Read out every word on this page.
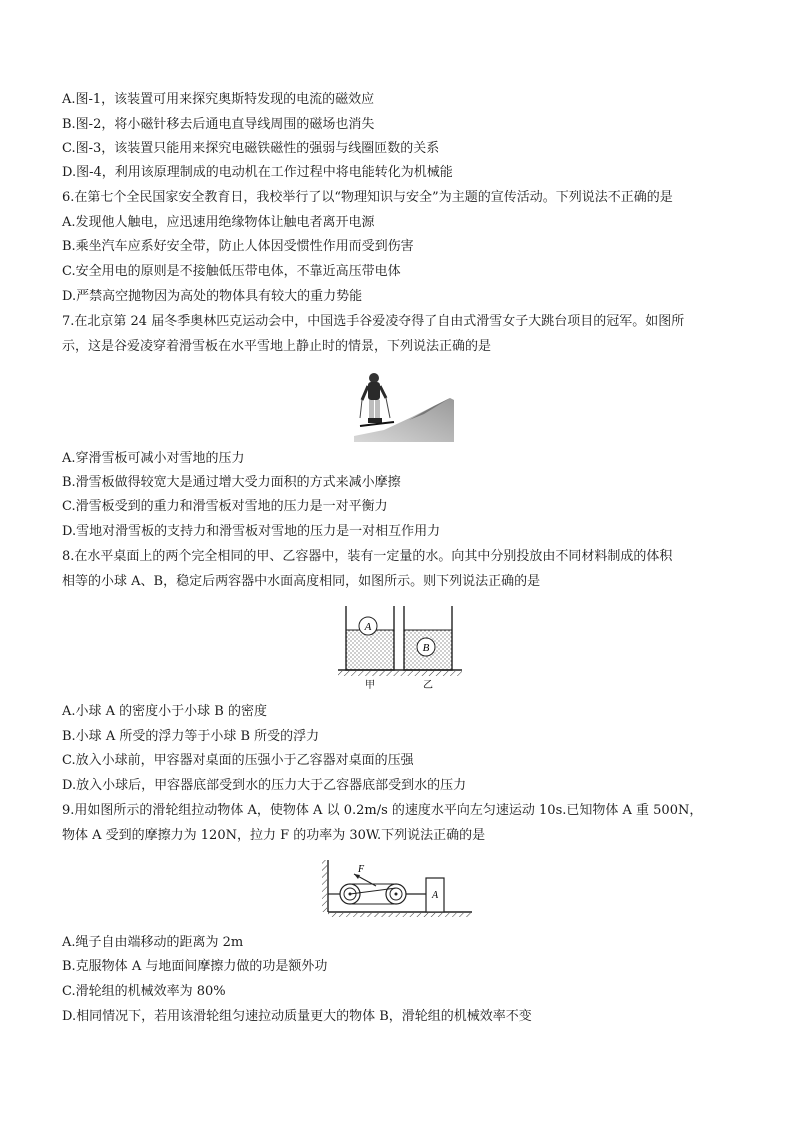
A.图-1，该装置可用来探究奥斯特发现的电流的磁效应
B.图-2，将小磁针移去后通电直导线周围的磁场也消失
C.图-3，该装置只能用来探究电磁铁磁性的强弱与线圈匝数的关系
D.图-4，利用该原理制成的电动机在工作过程中将电能转化为机械能
6.在第七个全民国家安全教育日，我校举行了以“物理知识与安全”为主题的宣传活动。下列说法不正确的是
A.发现他人触电，应迅速用绝缘物体让触电者离开电源
B.乘坐汽车应系好安全带，防止人体因受惯性作用而受到伤害
C.安全用电的原则是不接触低压带电体，不靠近高压带电体
D.严禁高空抛物因为高处的物体具有较大的重力势能
7.在北京第 24 届冬季奥林匹克运动会中，中国选手谷爱凌夺得了自由式滑雪女子大跳台项目的冠军。如图所
示，这是谷爱凌穿着滑雪板在水平雪地上静止时的情景，下列说法正确的是
A.穿滑雪板可减小对雪地的压力
B.滑雪板做得较宽大是通过增大受力面积的方式来减小摩擦
C.滑雪板受到的重力和滑雪板对雪地的压力是一对平衡力
D.雪地对滑雪板的支持力和滑雪板对雪地的压力是一对相互作用力
8.在水平桌面上的两个完全相同的甲、乙容器中，装有一定量的水。向其中分别投放由不同材料制成的体积
相等的小球 A、B，稳定后两容器中水面高度相同，如图所示。则下列说法正确的是
A
B
甲	乙
A.小球 A 的密度小于小球 B 的密度
B.小球 A 所受的浮力等于小球 B 所受的浮力
C.放入小球前，甲容器对桌面的压强小于乙容器对桌面的压强
D.放入小球后，甲容器底部受到水的压力大于乙容器底部受到水的压力
9.用如图所示的滑轮组拉动物体 A，使物体 A 以 0.2m/s 的速度水平向左匀速运动 10s.已知物体 A 重 500N，
物体 A 受到的摩擦力为 120N，拉力 F 的功率为 30W.下列说法正确的是
F
A
A.绳子自由端移动的距离为 2m
B.克服物体 A 与地面间摩擦力做的功是额外功
C.滑轮组的机械效率为 80%
D.相同情况下，若用该滑轮组匀速拉动质量更大的物体 B，滑轮组的机械效率不变
